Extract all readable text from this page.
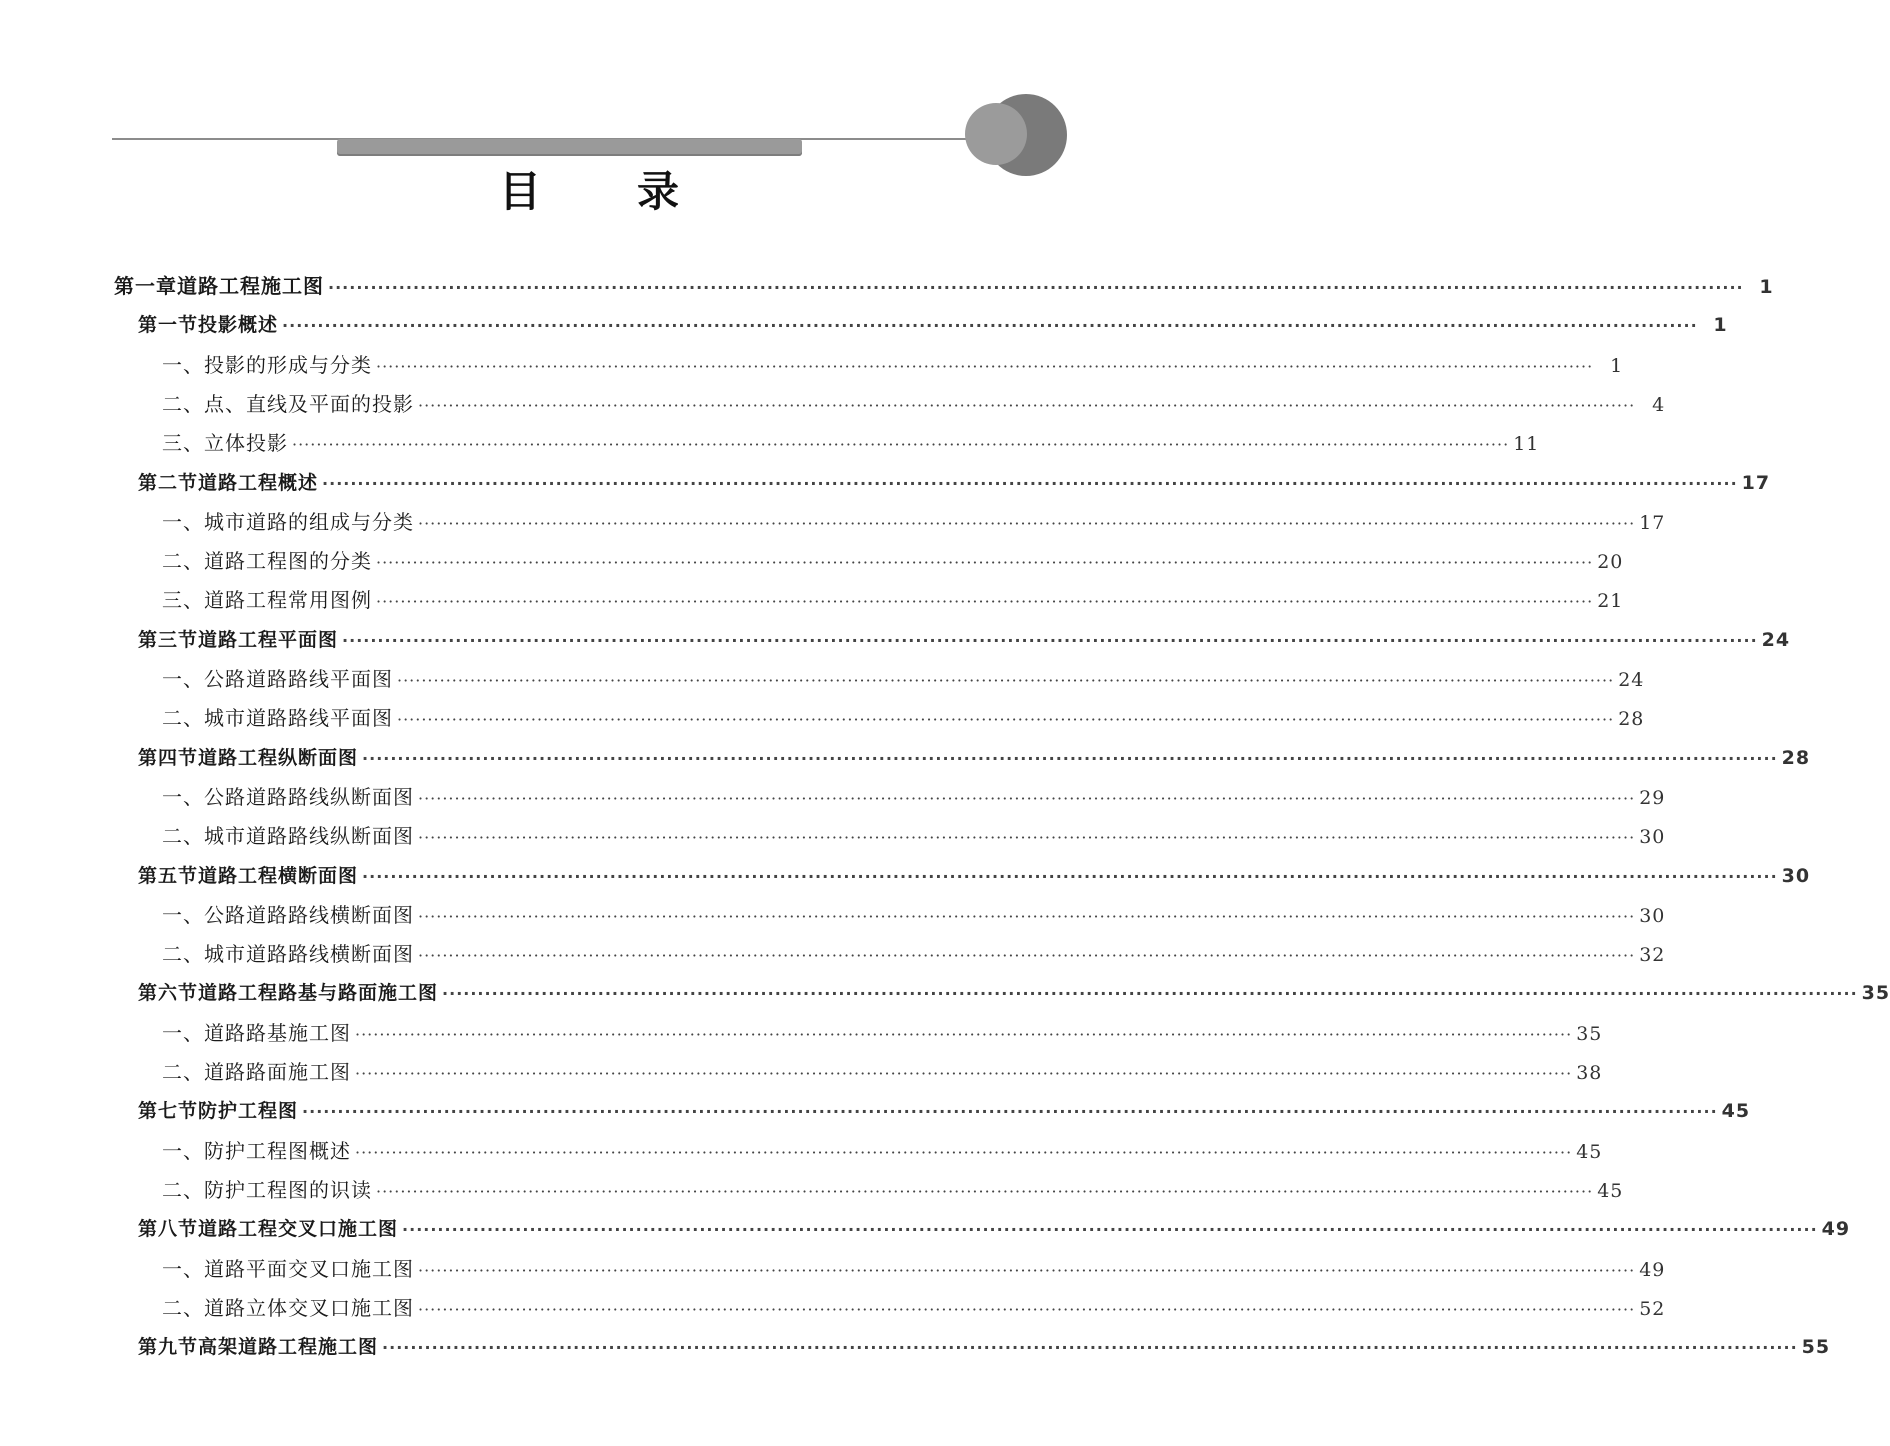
目 录
第一章 道路工程施工图 ········································································································································································································ 1
第一节 投影概述 ········································································································································································································ 1
一、投影的形成与分类 ········································································································································································································ 1
二、点、直线及平面的投影 ········································································································································································································ 4
三、立体投影 ········································································································································································································ 11
第二节 道路工程概述 ········································································································································································································ 17
一、城市道路的组成与分类 ········································································································································································································ 17
二、道路工程图的分类 ········································································································································································································ 20
三、道路工程常用图例 ········································································································································································································ 21
第三节 道路工程平面图 ········································································································································································································ 24
一、公路道路路线平面图 ········································································································································································································ 24
二、城市道路路线平面图 ········································································································································································································ 28
第四节 道路工程纵断面图 ········································································································································································································ 28
一、公路道路路线纵断面图 ········································································································································································································ 29
二、城市道路路线纵断面图 ········································································································································································································ 30
第五节 道路工程横断面图 ········································································································································································································ 30
一、公路道路路线横断面图 ········································································································································································································ 30
二、城市道路路线横断面图 ········································································································································································································ 32
第六节 道路工程路基与路面施工图 ········································································································································································································ 35
一、道路路基施工图 ········································································································································································································ 35
二、道路路面施工图 ········································································································································································································ 38
第七节 防护工程图 ········································································································································································································ 45
一、防护工程图概述 ········································································································································································································ 45
二、防护工程图的识读 ········································································································································································································ 45
第八节 道路工程交叉口施工图 ········································································································································································································ 49
一、道路平面交叉口施工图 ········································································································································································································ 49
二、道路立体交叉口施工图 ········································································································································································································ 52
第九节 高架道路工程施工图 ········································································································································································································ 55
